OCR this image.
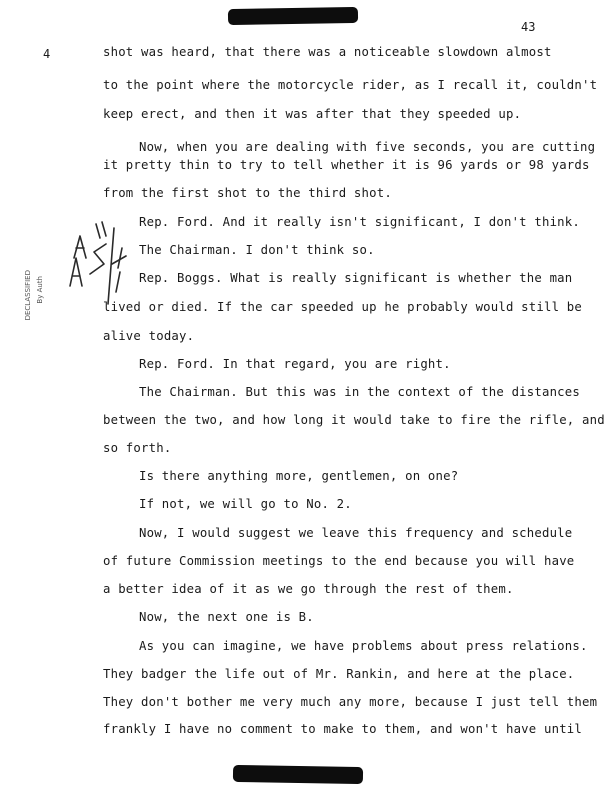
43
4
DECLASSIFIED By Auth
shot was heard, that there was a noticeable slowdown almost
to the point where the motorcycle rider, as I recall it, couldn't
keep erect, and then it was after that they speeded up.
Now, when you are dealing with five seconds, you are cutting
it pretty thin to try to tell whether it is 96 yards or 98 yards
from the first shot to the third shot.
Rep. Ford. And it really isn't significant, I don't think.
The Chairman. I don't think so.
Rep. Boggs. What is really significant is whether the man
lived or died. If the car speeded up he probably would still be
alive today.
Rep. Ford. In that regard, you are right.
The Chairman. But this was in the context of the distances
between the two, and how long it would take to fire the rifle, and
so forth.
Is there anything more, gentlemen, on one?
If not, we will go to No. 2.
Now, I would suggest we leave this frequency and schedule
of future Commission meetings to the end because you will have
a better idea of it as we go through the rest of them.
Now, the next one is B.
As you can imagine, we have problems about press relations.
They badger the life out of Mr. Rankin, and here at the place.
They don't bother me very much any more, because I just tell them
frankly I have no comment to make to them, and won't have until
